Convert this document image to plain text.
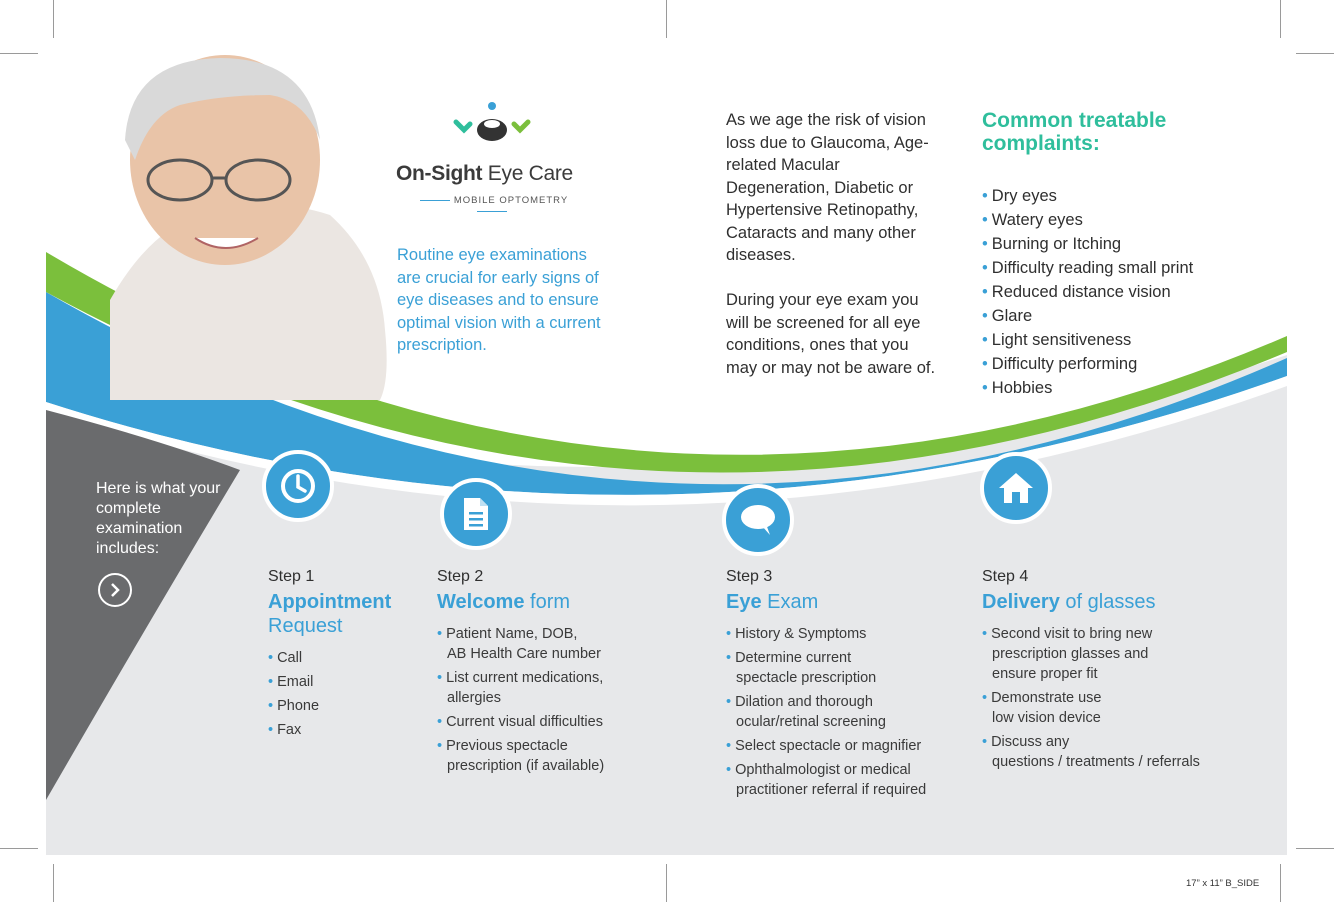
On-Sight Eye Care
MOBILE OPTOMETRY
Routine eye examinations are crucial for early signs of eye diseases and to ensure optimal vision with a current prescription.
As we age the risk of vision loss due to Glaucoma, Age-related Macular Degeneration, Diabetic or Hypertensive Retinopathy, Cataracts and many other diseases.
During your eye exam you will be screened for all eye conditions, ones that you may or may not be aware of.
Common treatable complaints:
• Dry eyes
• Watery eyes
• Burning or Itching
• Difficulty reading small print
• Reduced distance vision
• Glare
• Light sensitiveness
• Difficulty performing
• Hobbies
Here is what your complete examination includes:
Step 1
Appointment
Request
• Call
• Email
• Phone
• Fax
Step 2
Welcome form
• Patient Name, DOB,
AB Health Care number
• List current medications,
allergies
• Current visual difficulties
• Previous spectacle
prescription (if available)
Step 3
Eye Exam
• History & Symptoms
• Determine current
spectacle prescription
• Dilation and thorough
ocular/retinal screening
• Select spectacle or magnifier
• Ophthalmologist or medical
practitioner referral if required
Step 4
Delivery of glasses
• Second visit to bring new
prescription glasses and
ensure proper fit
• Demonstrate use
low vision device
• Discuss any
questions / treatments / referrals
17” x 11” B_SIDE
